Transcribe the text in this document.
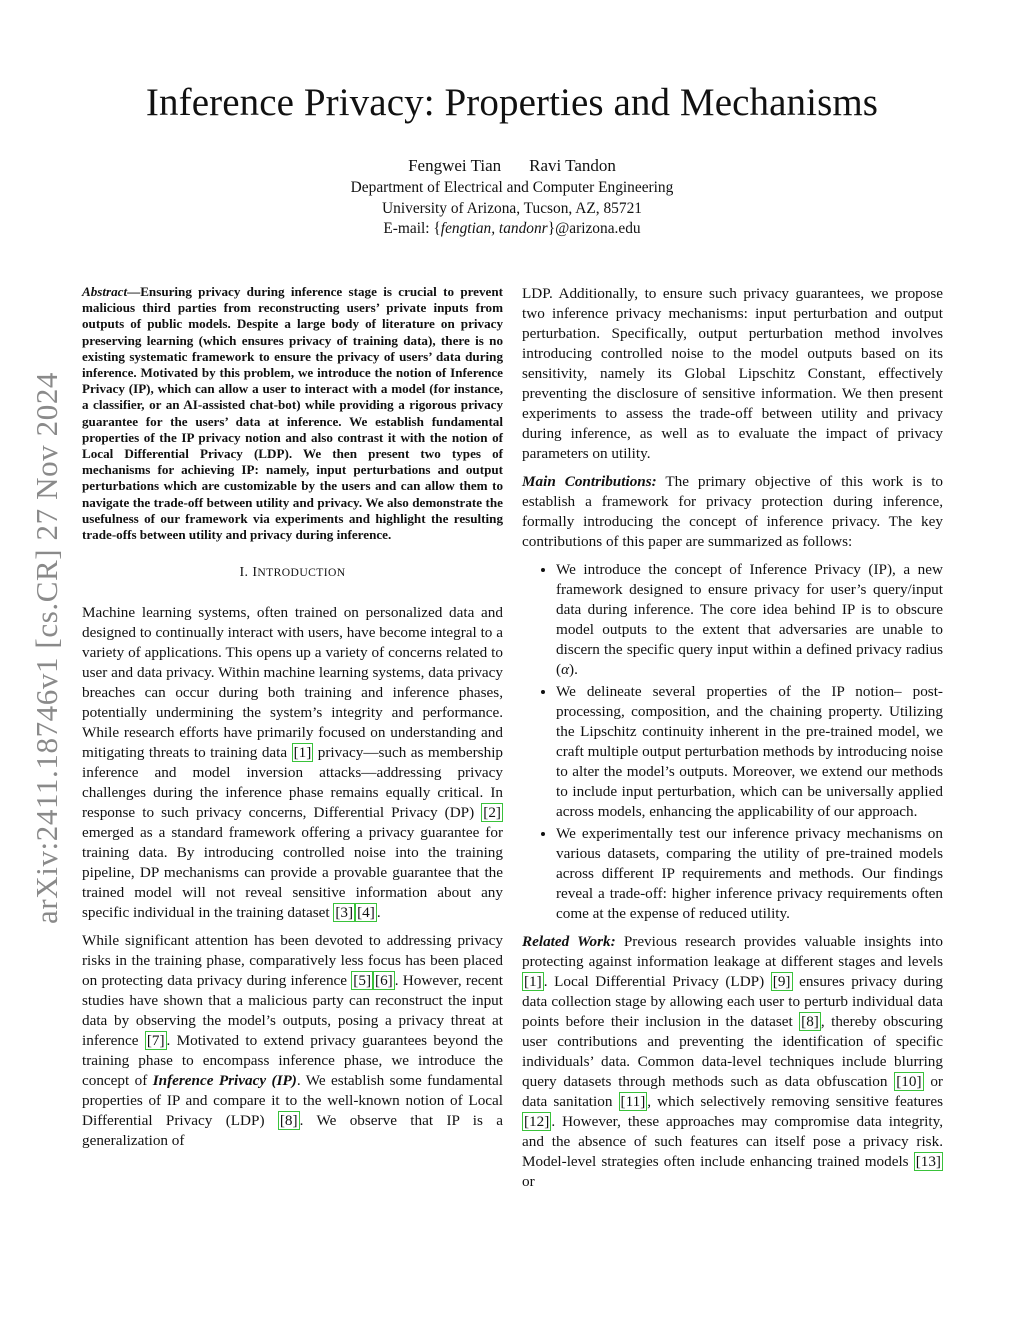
arXiv:2411.18746v1 [cs.CR] 27 Nov 2024
Inference Privacy: Properties and Mechanisms
Fengwei Tian Ravi Tandon
Department of Electrical and Computer Engineering
University of Arizona, Tucson, AZ, 85721
E-mail: {fengtian, tandonr}@arizona.edu

Abstract—Ensuring privacy during inference stage is crucial to prevent malicious third parties from reconstructing users’ private inputs from outputs of public models. Despite a large body of literature on privacy preserving learning (which ensures privacy of training data), there is no existing systematic framework to ensure the privacy of users’ data during inference. Motivated by this problem, we introduce the notion of Inference Privacy (IP), which can allow a user to interact with a model (for instance, a classifier, or an AI-assisted chat-bot) while providing a rigorous privacy guarantee for the users’ data at inference. We establish fundamental properties of the IP privacy notion and also contrast it with the notion of Local Differential Privacy (LDP). We then present two types of mechanisms for achieving IP: namely, input perturbations and output perturbations which are customizable by the users and can allow them to navigate the trade-off between utility and privacy. We also demonstrate the usefulness of our framework via experiments and highlight the resulting trade-offs between utility and privacy during inference.

I. INTRODUCTION

Machine learning systems, often trained on personalized data and designed to continually interact with users, have become integral to a variety of applications. This opens up a variety of concerns related to user and data privacy. Within machine learning systems, data privacy breaches can occur during both training and inference phases, potentially undermining the system’s integrity and performance. While research efforts have primarily focused on understanding and mitigating threats to training data [1] privacy—such as membership inference and model inversion attacks—addressing privacy challenges during the inference phase remains equally critical. In response to such privacy concerns, Differential Privacy (DP) [2] emerged as a standard framework offering a privacy guarantee for training data. By introducing controlled noise into the training pipeline, DP mechanisms can provide a provable guarantee that the trained model will not reveal sensitive information about any specific individual in the training dataset [3] [4] .

While significant attention has been devoted to addressing privacy risks in the training phase, comparatively less focus has been placed on protecting data privacy during inference [5] [6] . However, recent studies have shown that a malicious party can reconstruct the input data by observing the model’s outputs, posing a privacy threat at inference [7] . Motivated to extend privacy guarantees beyond the training phase to encompass inference phase, we introduce the concept of Inference Privacy (IP). We establish some fundamental properties of IP and compare it to the well-known notion of Local Differential Privacy (LDP) [8] . We observe that IP is a generalization of

LDP. Additionally, to ensure such privacy guarantees, we propose two inference privacy mechanisms: input perturbation and output perturbation. Specifically, output perturbation method involves introducing controlled noise to the model outputs based on its sensitivity, namely its Global Lipschitz Constant, effectively preventing the disclosure of sensitive information. We then present experiments to assess the trade-off between utility and privacy during inference, as well as to evaluate the impact of privacy parameters on utility.

Main Contributions: The primary objective of this work is to establish a framework for privacy protection during inference, formally introducing the concept of inference privacy. The key contributions of this paper are summarized as follows:

• We introduce the concept of Inference Privacy (IP), a new framework designed to ensure privacy for user’s query/input data during inference. The core idea behind IP is to obscure model outputs to the extent that adversaries are unable to discern the specific query input within a defined privacy radius (α).
• We delineate several properties of the IP notion– post-processing, composition, and the chaining property. Utilizing the Lipschitz continuity inherent in the pre-trained model, we craft multiple output perturbation methods by introducing noise to alter the model’s outputs. Moreover, we extend our methods to include input perturbation, which can be universally applied across models, enhancing the applicability of our approach.
• We experimentally test our inference privacy mechanisms on various datasets, comparing the utility of pre-trained models across different IP requirements and methods. Our findings reveal a trade-off: higher inference privacy requirements often come at the expense of reduced utility.

Related Work: Previous research provides valuable insights into protecting against information leakage at different stages and levels [1] . Local Differential Privacy (LDP) [9] ensures privacy during data collection stage by allowing each user to perturb individual data points before their inclusion in the dataset [8] , thereby obscuring user contributions and preventing the identification of specific individuals’ data. Common data-level techniques include blurring query datasets through methods such as data obfuscation [10] or data sanitation [11] , which selectively removing sensitive features [12] . However, these approaches may compromise data integrity, and the absence of such features can itself pose a privacy risk. Model-level strategies often include enhancing trained models [13] or
